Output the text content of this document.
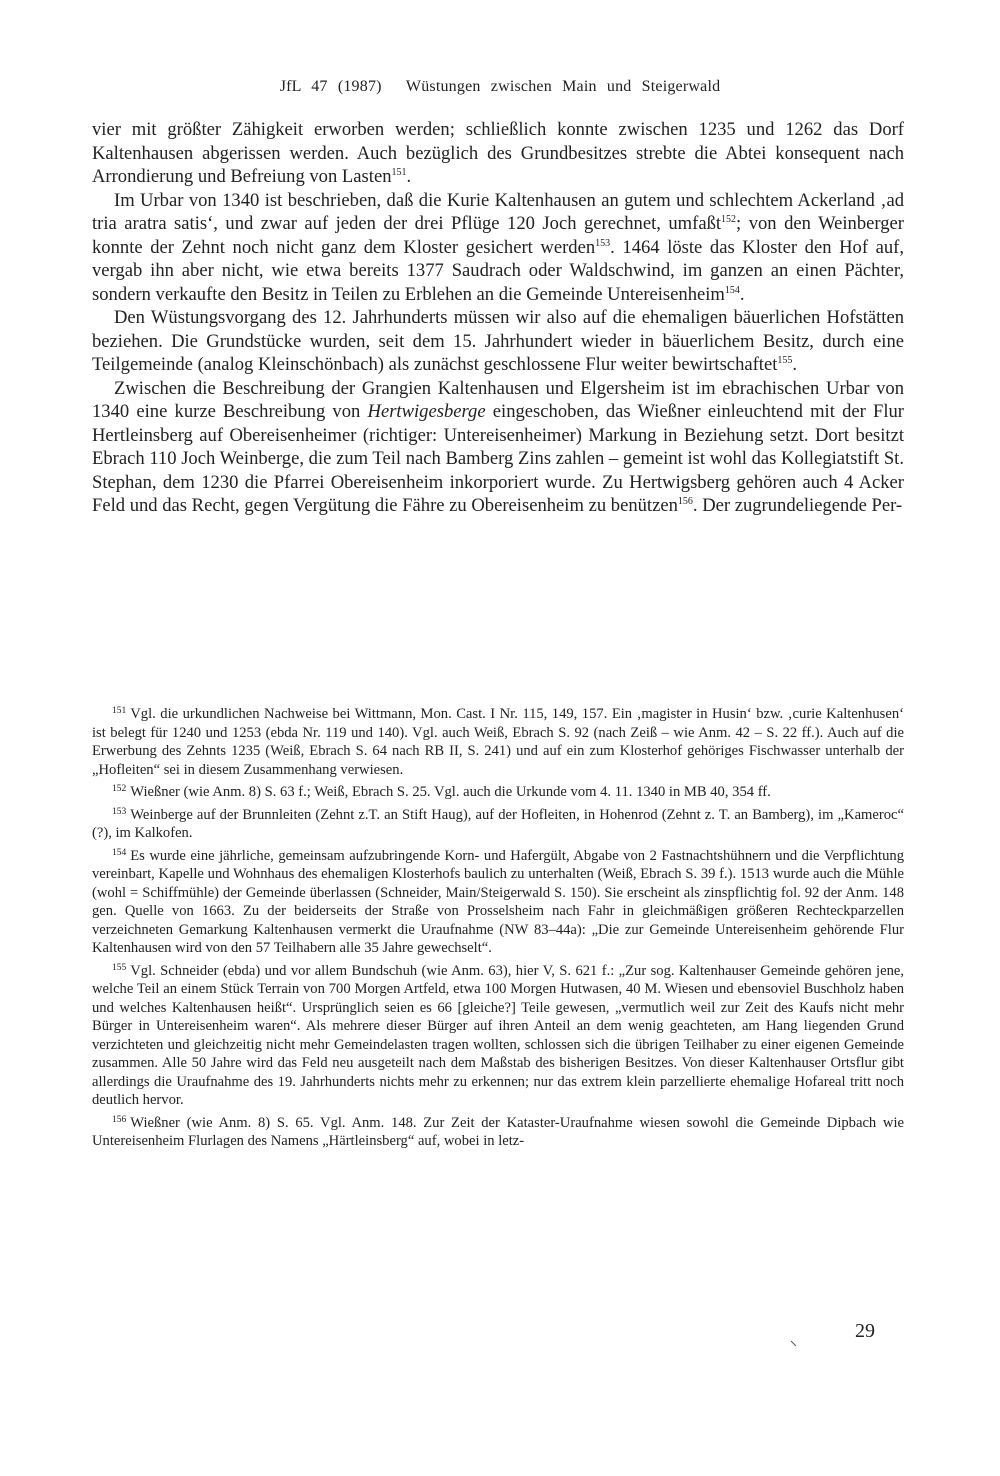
JfL 47 (1987) Wüstungen zwischen Main und Steigerwald

vier mit größter Zähigkeit erworben werden; schließlich konnte zwischen 1235 und 1262 das Dorf Kaltenhausen abgerissen werden. Auch bezüglich des Grundbesitzes strebte die Abtei konsequent nach Arrondierung und Befreiung von Lasten$^{151}$.

Im Urbar von 1340 ist beschrieben, daß die Kurie Kaltenhausen an gutem und schlechtem Ackerland ‚ad tria aratra satis‘, und zwar auf jeden der drei Pflüge 120 Joch gerechnet, umfaßt$^{152}$; von den Weinberger konnte der Zehnt noch nicht ganz dem Kloster gesichert werden$^{153}$. 1464 löste das Kloster den Hof auf, vergab ihn aber nicht, wie etwa bereits 1377 Saudrach oder Waldschwind, im ganzen an einen Pächter, sondern verkaufte den Besitz in Teilen zu Erblehen an die Gemeinde Untereisenheim$^{154}$.

Den Wüstungsvorgang des 12. Jahrhunderts müssen wir also auf die ehemaligen bäuerlichen Hofstätten beziehen. Die Grundstücke wurden, seit dem 15. Jahrhundert wieder in bäuerlichem Besitz, durch eine Teilgemeinde (analog Kleinschönbach) als zunächst geschlossene Flur weiter bewirtschaftet$^{155}$.

Zwischen die Beschreibung der Grangien Kaltenhausen und Elgersheim ist im ebrachischen Urbar von 1340 eine kurze Beschreibung von Hertwigesberge eingeschoben, das Wießner einleuchtend mit der Flur Hertleinsberg auf Obereisenheimer (richtiger: Untereisenheimer) Markung in Beziehung setzt. Dort besitzt Ebrach 110 Joch Weinberge, die zum Teil nach Bamberg Zins zahlen – gemeint ist wohl das Kollegiatstift St. Stephan, dem 1230 die Pfarrei Obereisenheim inkorporiert wurde. Zu Hertwigsberg gehören auch 4 Acker Feld und das Recht, gegen Vergütung die Fähre zu Obereisenheim zu benützen$^{156}$. Der zugrundeliegende Per-

$^{151}$ Vgl. die urkundlichen Nachweise bei Wittmann, Mon. Cast. I Nr. 115, 149, 157. Ein ‚magister in Husin‘ bzw. ‚curie Kaltenhusen‘ ist belegt für 1240 und 1253 (ebda Nr. 119 und 140). Vgl. auch Weiß, Ebrach S. 92 (nach Zeiß – wie Anm. 42 – S. 22 ff.). Auch auf die Erwerbung des Zehnts 1235 (Weiß, Ebrach S. 64 nach RB II, S. 241) und auf ein zum Klosterhof gehöriges Fischwasser unterhalb der „Hofleiten“ sei in diesem Zusammenhang verwiesen.

$^{152}$ Wießner (wie Anm. 8) S. 63 f.; Weiß, Ebrach S. 25. Vgl. auch die Urkunde vom 4. 11. 1340 in MB 40, 354 ff.

$^{153}$ Weinberge auf der Brunnleiten (Zehnt z.T. an Stift Haug), auf der Hofleiten, in Hohenrod (Zehnt z. T. an Bamberg), im „Kameroc“ (?), im Kalkofen.

$^{154}$ Es wurde eine jährliche, gemeinsam aufzubringende Korn- und Hafergült, Abgabe von 2 Fastnachtshühnern und die Verpflichtung vereinbart, Kapelle und Wohnhaus des ehemaligen Klosterhofs baulich zu unterhalten (Weiß, Ebrach S. 39 f.). 1513 wurde auch die Mühle (wohl = Schiffmühle) der Gemeinde überlassen (Schneider, Main/Steigerwald S. 150). Sie erscheint als zinspflichtig fol. 92 der Anm. 148 gen. Quelle von 1663. Zu der beiderseits der Straße von Prosselsheim nach Fahr in gleichmäßigen größeren Rechteckparzellen verzeichneten Gemarkung Kaltenhausen vermerkt die Uraufnahme (NW 83–44a): „Die zur Gemeinde Untereisenheim gehörende Flur Kaltenhausen wird von den 57 Teilhabern alle 35 Jahre gewechselt“.

$^{155}$ Vgl. Schneider (ebda) und vor allem Bundschuh (wie Anm. 63), hier V, S. 621 f.: „Zur sog. Kaltenhauser Gemeinde gehören jene, welche Teil an einem Stück Terrain von 700 Morgen Artfeld, etwa 100 Morgen Hutwasen, 40 M. Wiesen und ebensoviel Buschholz haben und welches Kaltenhausen heißt“. Ursprünglich seien es 66 [gleiche?] Teile gewesen, „vermutlich weil zur Zeit des Kaufs nicht mehr Bürger in Untereisenheim waren“. Als mehrere dieser Bürger auf ihren Anteil an dem wenig geachteten, am Hang liegenden Grund verzichteten und gleichzeitig nicht mehr Gemeindelasten tragen wollten, schlossen sich die übrigen Teilhaber zu einer eigenen Gemeinde zusammen. Alle 50 Jahre wird das Feld neu ausgeteilt nach dem Maßstab des bisherigen Besitzes. Von dieser Kaltenhauser Ortsflur gibt allerdings die Uraufnahme des 19. Jahrhunderts nichts mehr zu erkennen; nur das extrem klein parzellierte ehemalige Hofareal tritt noch deutlich hervor.

$^{156}$ Wießner (wie Anm. 8) S. 65. Vgl. Anm. 148. Zur Zeit der Kataster-Uraufnahme wiesen sowohl die Gemeinde Dipbach wie Untereisenheim Flurlagen des Namens „Härtleinsberg“ auf, wobei in letz-

29
